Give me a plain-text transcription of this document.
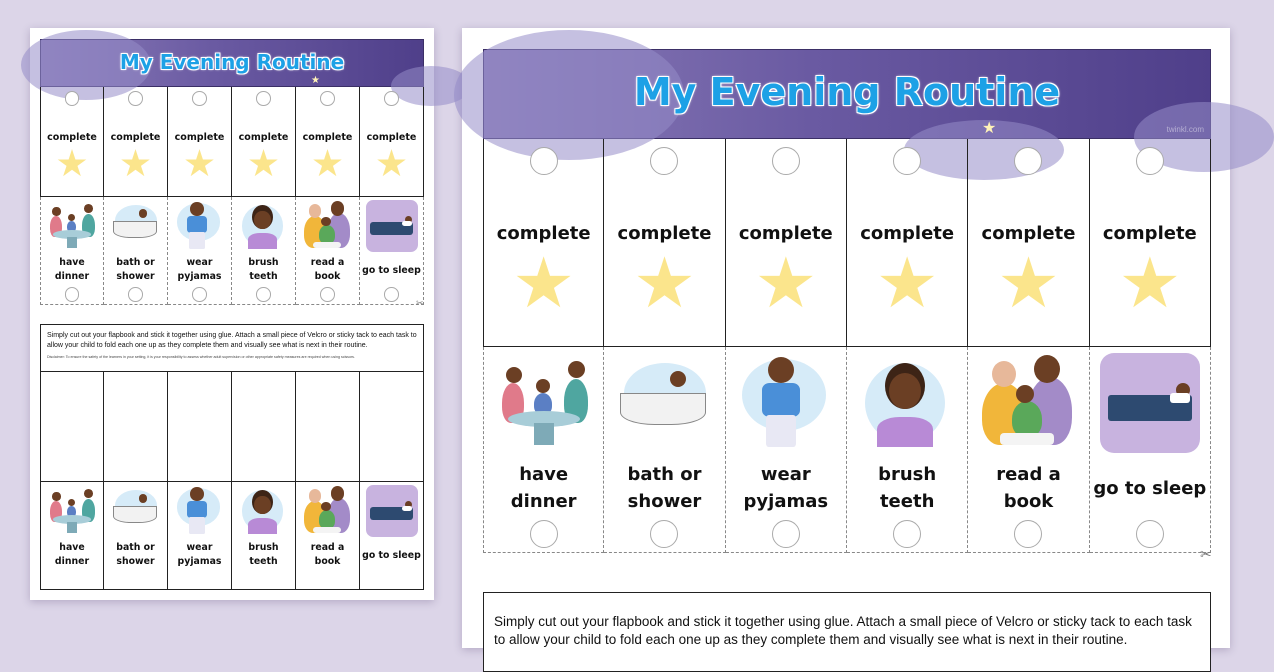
My Evening Routine
★
complete
★
complete
★
complete
★
complete
★
complete
★
complete
★
have
dinner
bath or
shower
wear
pyjamas
brush
teeth
read a
book
go to sleep
✂
Simply cut out your flapbook and stick it together using glue. Attach a small piece of Velcro or sticky tack to each task to allow your child to fold each one up as they complete them and visually see what is next in their routine.
Disclaimer: To ensure the safety of the learners in your setting, it is your responsibility to assess whether adult supervision or other appropriate safety measures are required when using scissors.
have
dinner
bath or
shower
wear
pyjamas
brush
teeth
read a
book
go to sleep
My Evening Routine
★	twinkl.com
complete
★
complete
★
complete
★
complete
★
complete
★
complete
★
have
dinner
bath or
shower
wear
pyjamas
brush
teeth
read a
book
go to sleep
✂
Simply cut out your flapbook and stick it together using glue. Attach a small piece of Velcro or sticky tack to each task to allow your child to fold each one up as they complete them and visually see what is next in their routine.
